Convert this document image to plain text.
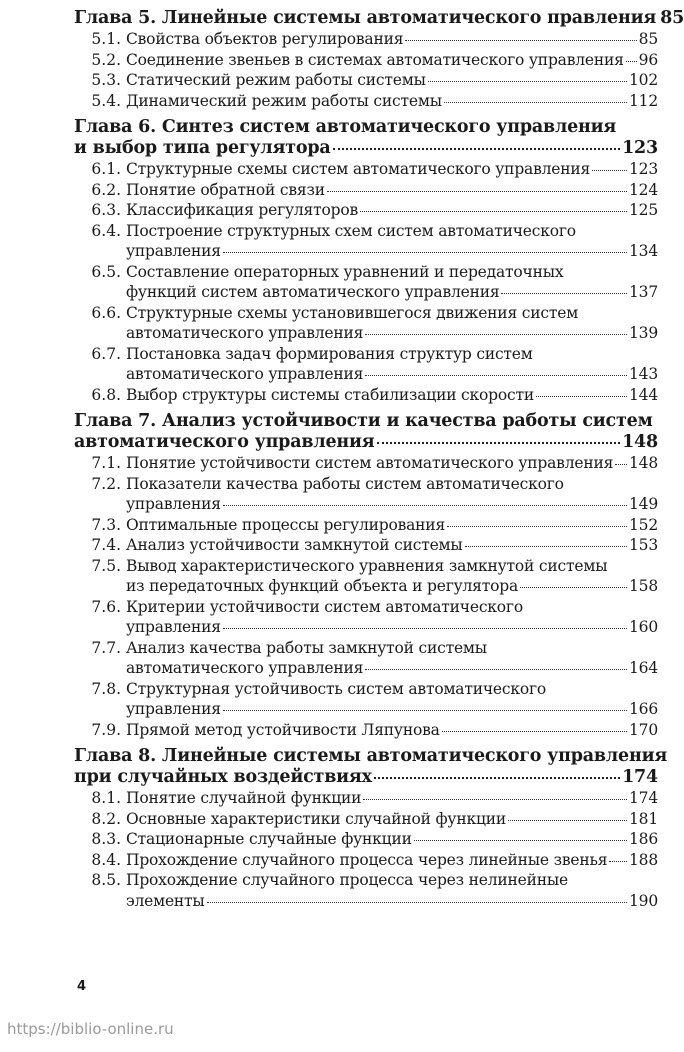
Глава 5. Линейные системы автоматического правления 85
5.1. Свойства объектов регулирования	85
5.2. Соединение звеньев в системах автоматического управления 96
5.3. Статический режим работы системы	102
5.4. Динамический режим работы системы	112
Глава 6. Синтез систем автоматического управления
и выбор типа регулятора	123
6.1. Структурные схемы систем автоматического управления	123
6.2. Понятие обратной связи	124
6.3. Классификация регуляторов	125
6.4. Построение структурных схем систем автоматического
управления	134
6.5. Составление операторных уравнений и передаточных
функций систем автоматического управления	137
6.6. Структурные схемы установившегося движения систем
автоматического управления	139
6.7. Постановка задач формирования структур систем
автоматического управления	143
6.8. Выбор структуры системы стабилизации скорости	144
Глава 7. Анализ устойчивости и качества работы систем
автоматического управления	148
7.1. Понятие устойчивости систем автоматического управления 148
7.2. Показатели качества работы систем автоматического
управления	149
7.3. Оптимальные процессы регулирования	152
7.4. Анализ устойчивости замкнутой системы	153
7.5. Вывод характеристического уравнения замкнутой системы
из передаточных функций объекта и регулятора	158
7.6. Критерии устойчивости систем автоматического
управления	160
7.7. Анализ качества работы замкнутой системы
автоматического управления	164
7.8. Структурная устойчивость систем автоматического
управления	166
7.9. Прямой метод устойчивости Ляпунова	170
Глава 8. Линейные системы автоматического управления
при случайных воздействиях	174
8.1. Понятие случайной функции	174
8.2. Основные характеристики случайной функции	181
8.3. Стационарные случайные функции	186
8.4. Прохождение случайного процесса через линейные звенья 188
8.5. Прохождение случайного процесса через нелинейные
элементы	190
4
https://biblio-online.ru
